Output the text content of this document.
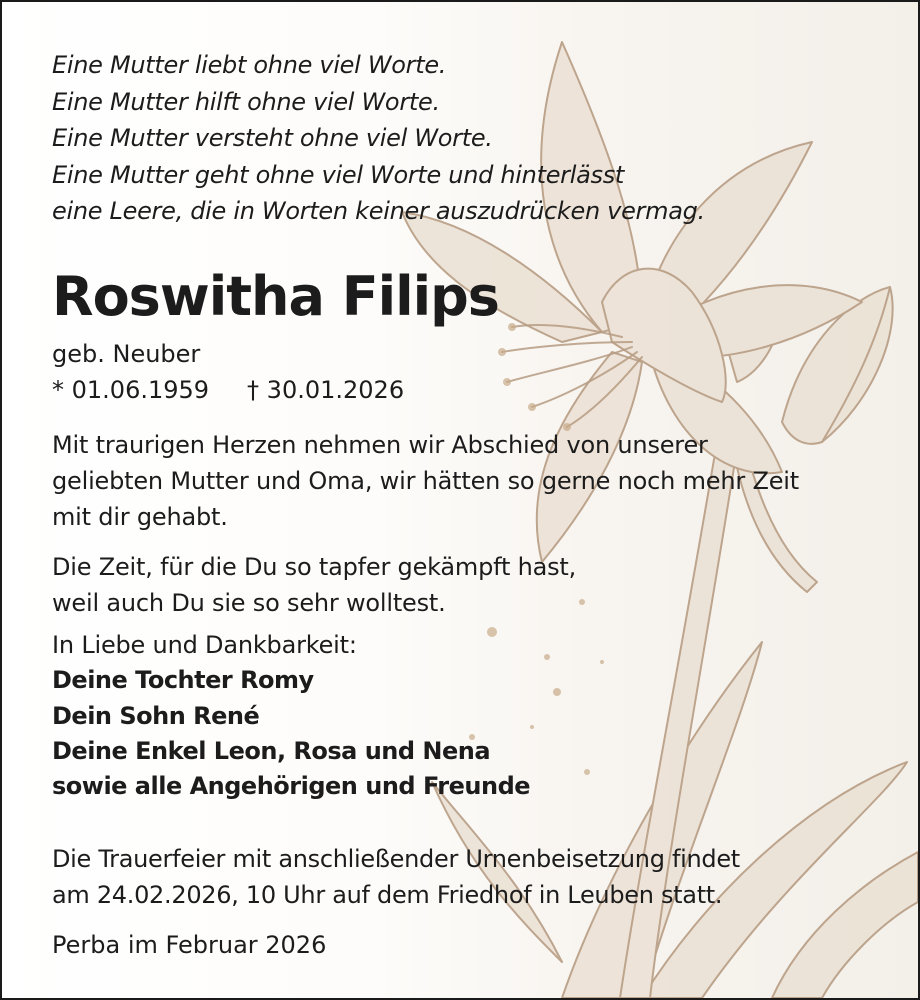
Eine Mutter liebt ohne viel Worte.
Eine Mutter hilft ohne viel Worte.
Eine Mutter versteht ohne viel Worte.
Eine Mutter geht ohne viel Worte und hinterlässt
eine Leere, die in Worten keiner auszudrücken vermag.
Roswitha Filips
geb. Neuber
* 01.06.1959 † 30.01.2026
Mit traurigen Herzen nehmen wir Abschied von unserer
geliebten Mutter und Oma, wir hätten so gerne noch mehr Zeit
mit dir gehabt.
Die Zeit, für die Du so tapfer gekämpft hast,
weil auch Du sie so sehr wolltest.
In Liebe und Dankbarkeit:
Deine Tochter Romy
Dein Sohn René
Deine Enkel Leon, Rosa und Nena
sowie alle Angehörigen und Freunde
Die Trauerfeier mit anschließender Urnenbeisetzung findet
am 24.02.2026, 10 Uhr auf dem Friedhof in Leuben statt.
Perba im Februar 2026
